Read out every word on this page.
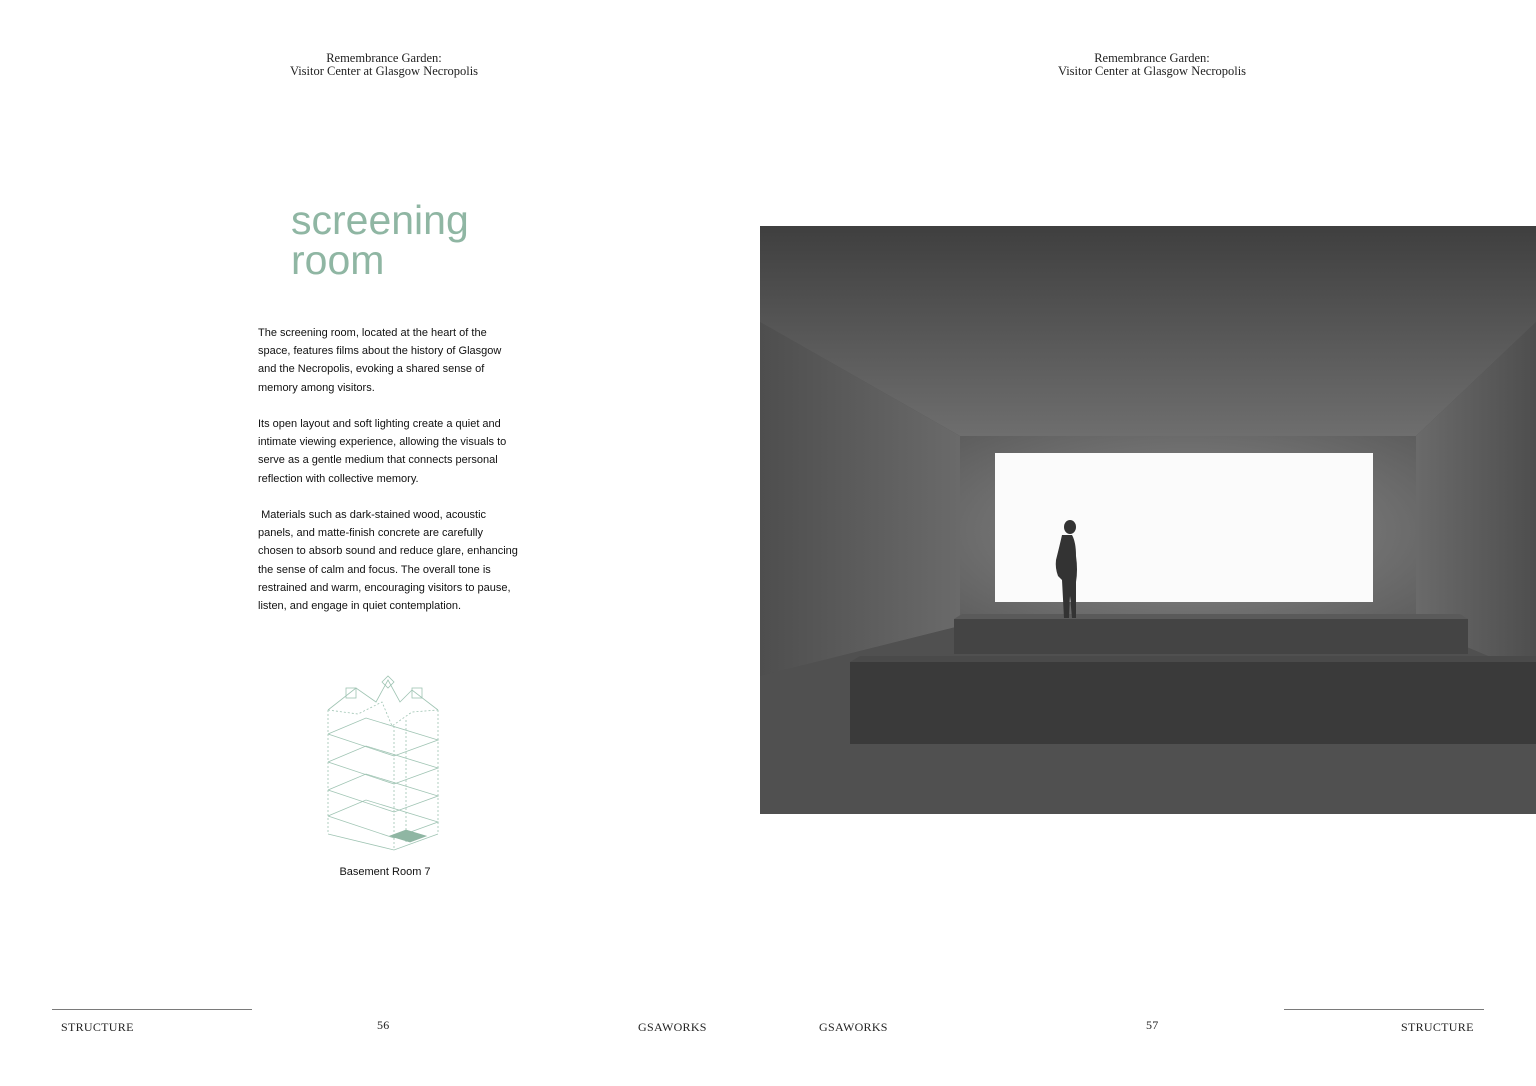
Remembrance Garden:
Visitor Center at Glasgow Necropolis
screening
room

The screening room, located at the heart of the space, features films about the history of Glasgow and the Necropolis, evoking a shared sense of memory among visitors.

Its open layout and soft lighting create a quiet and intimate viewing experience, allowing the visuals to serve as a gentle medium that connects personal reflection with collective memory.

Materials such as dark-stained wood, acoustic panels, and matte-finish concrete are carefully chosen to absorb sound and reduce glare, enhancing the sense of calm and focus. The overall tone is restrained and warm, encouraging visitors to pause, listen, and engage in quiet contemplation.

Basement Room 7
STRUCTURE	56	GSAWORKS
Remembrance Garden:
Visitor Center at Glasgow Necropolis
GSAWORKS	57	STRUCTURE
